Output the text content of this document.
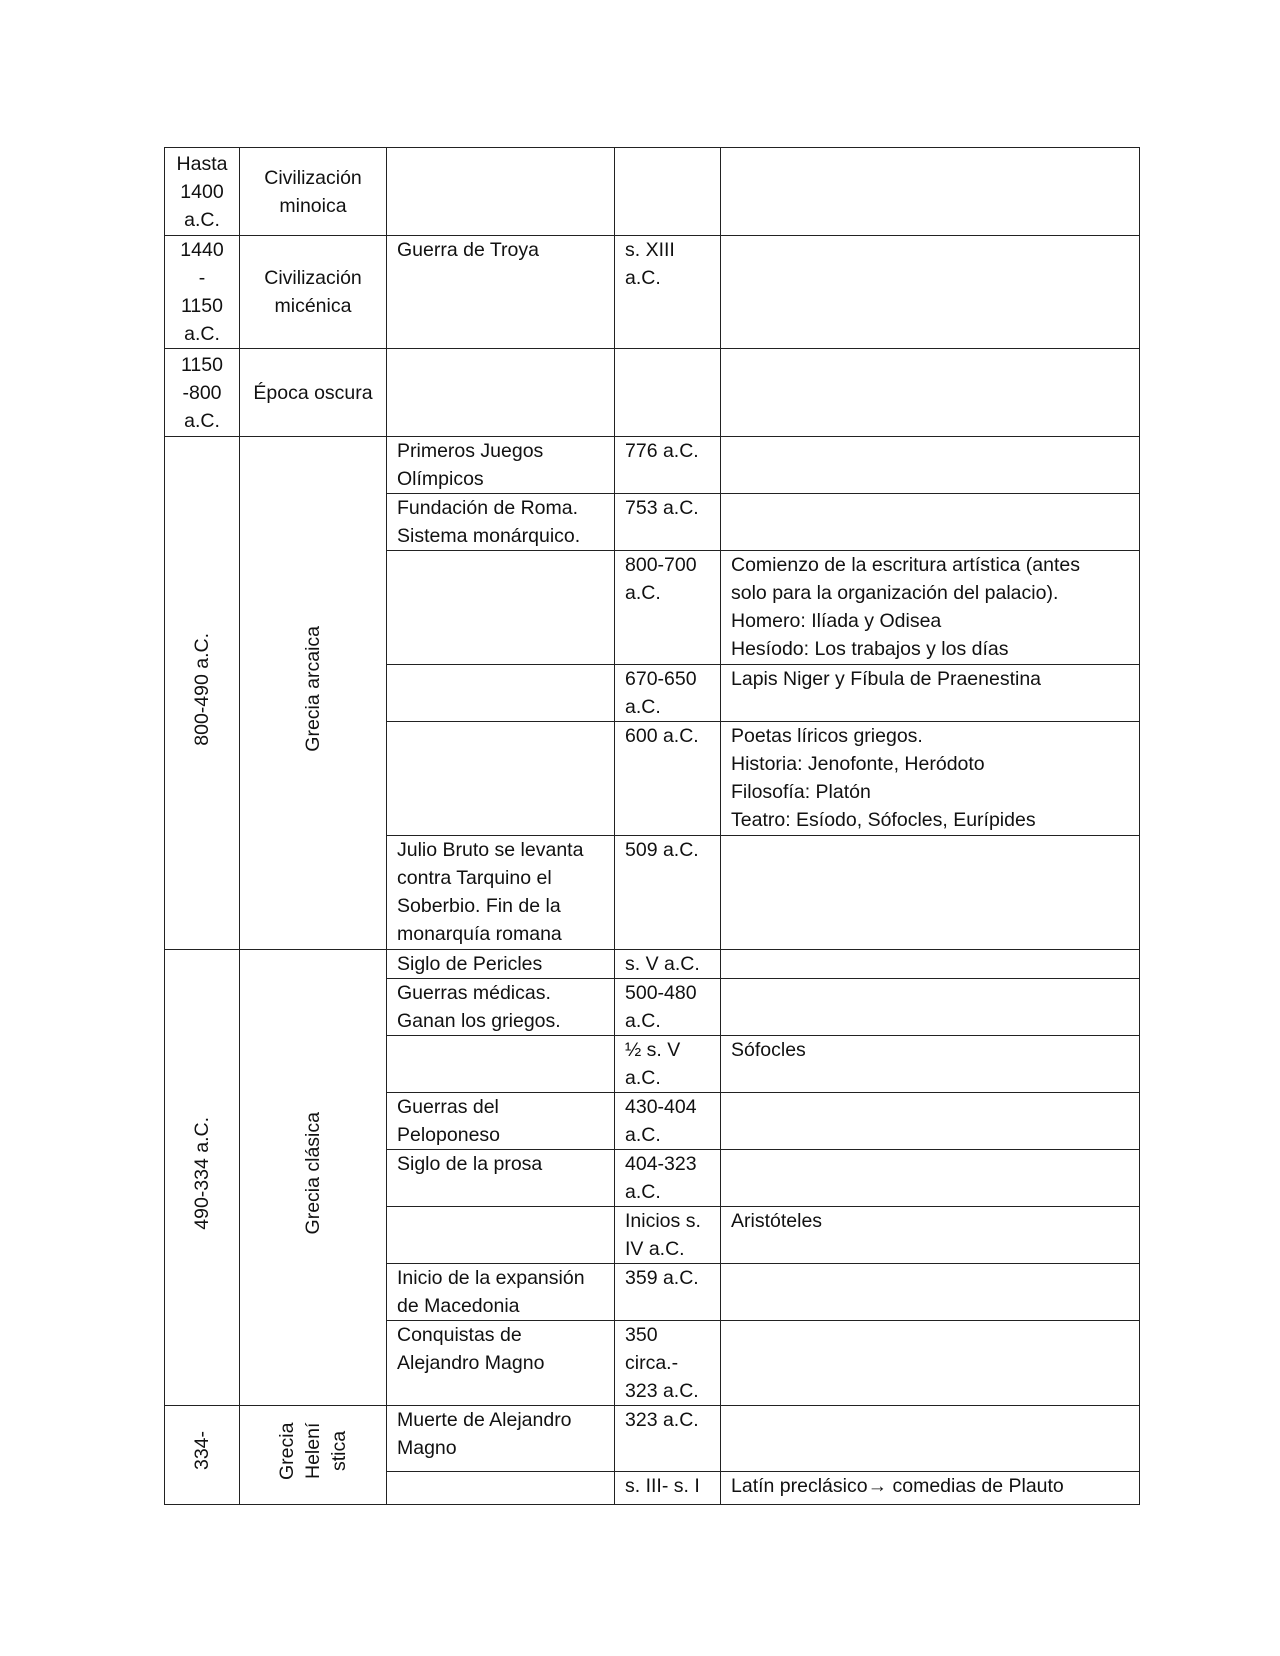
Hasta
1400
a.C.	Civilización
minoica			
1440
-
1150
a.C.	Civilización
micénica	Guerra de Troya	s. XIII
a.C.	
1150
-800
a.C.	Época oscura			
800-490 a.C.	Grecia arcaica	Primeros Juegos
Olímpicos	776 a.C.	
		Fundación de Roma.
Sistema monárquico.	753 a.C.	
			800-700
a.C.	Comienzo de la escritura artística (antes
solo para la organización del palacio).
Homero: Ilíada y Odisea
Hesíodo: Los trabajos y los días
			670-650
a.C.	Lapis Niger y Fíbula de Praenestina
			600 a.C.	Poetas líricos griegos.
Historia: Jenofonte, Heródoto
Filosofía: Platón
Teatro: Esíodo, Sófocles, Eurípides
		Julio Bruto se levanta
contra Tarquino el
Soberbio. Fin de la
monarquía romana	509 a.C.	
490-334 a.C.	Grecia clásica	Siglo de Pericles	s. V a.C.	
		Guerras médicas.
Ganan los griegos.	500-480
a.C.	
			½ s. V
a.C.	Sófocles
		Guerras del
Peloponeso	430-404
a.C.	
		Siglo de la prosa	404-323
a.C.	
			Inicios s.
IV a.C.	Aristóteles
		Inicio de la expansión
de Macedonia	359 a.C.	
		Conquistas de
Alejandro Magno	350
circa.-
323 a.C.	
334-	Grecia Helení stica	Muerte de Alejandro
Magno	323 a.C.	
			s. III- s. I	Latín preclásico→ comedias de Plauto
